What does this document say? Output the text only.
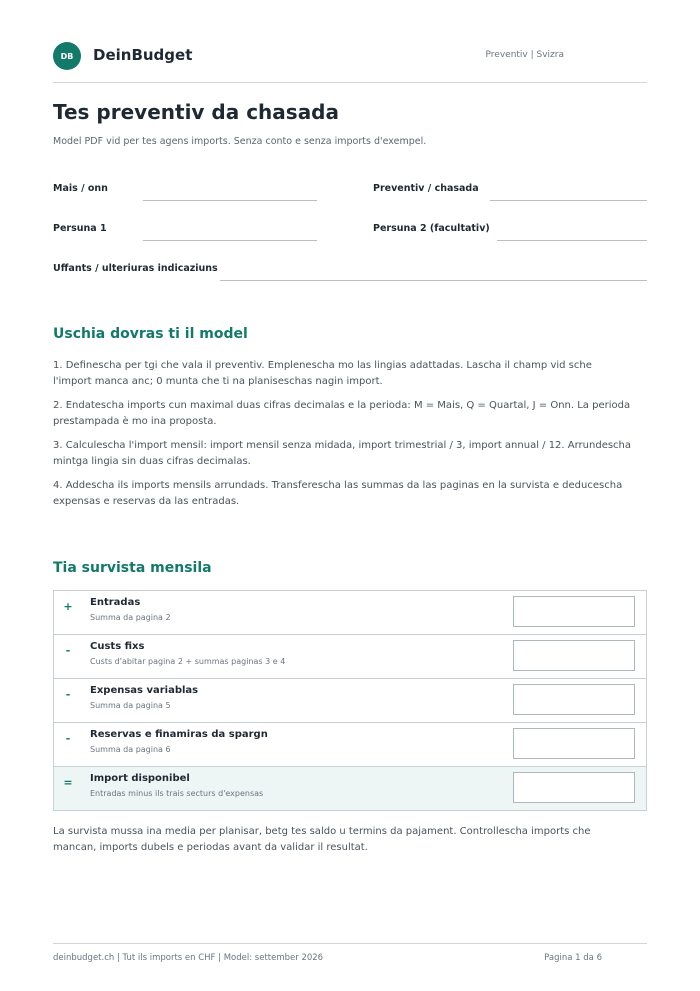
DB	DeinBudget	Preventiv | Svizra
Tes preventiv da chasada
Model PDF vid per tes agens imports. Senza conto e senza imports d'exempel.
Mais / onn	Preventiv / chasada
Persuna 1	Persuna 2 (facultativ)
Uffants / ulteriuras indicaziuns
Uschia dovras ti il model

1. Definescha per tgi che vala il preventiv. Emplenescha mo las lingias adattadas. Lascha il champ vid sche l'import manca anc; 0 munta che ti na planiseschas nagin import.

2. Endatescha imports cun maximal duas cifras decimalas e la perioda: M = Mais, Q = Quartal, J = Onn. La perioda prestampada è mo ina proposta.

3. Calculescha l'import mensil: import mensil senza midada, import trimestrial / 3, import annual / 12. Arrundescha mintga lingia sin duas cifras decimalas.

4. Addescha ils imports mensils arrundads. Transferescha las summas da las paginas en la survista e deducescha expensas e reservas da las entradas.

Tia survista mensila
+ Entradas
Summa da pagina 2
- Custs fixs
Custs d'abitar pagina 2 + summas paginas 3 e 4
- Expensas variablas
Summa da pagina 5
- Reservas e finamiras da spargn
Summa da pagina 6
= Import disponibel
Entradas minus ils trais secturs d'expensas
La survista mussa ina media per planisar, betg tes saldo u termins da pajament. Controllescha imports che mancan, imports dubels e periodas avant da validar il resultat.
deinbudget.ch | Tut ils imports en CHF | Model: settember 2026	Pagina 1 da 6
